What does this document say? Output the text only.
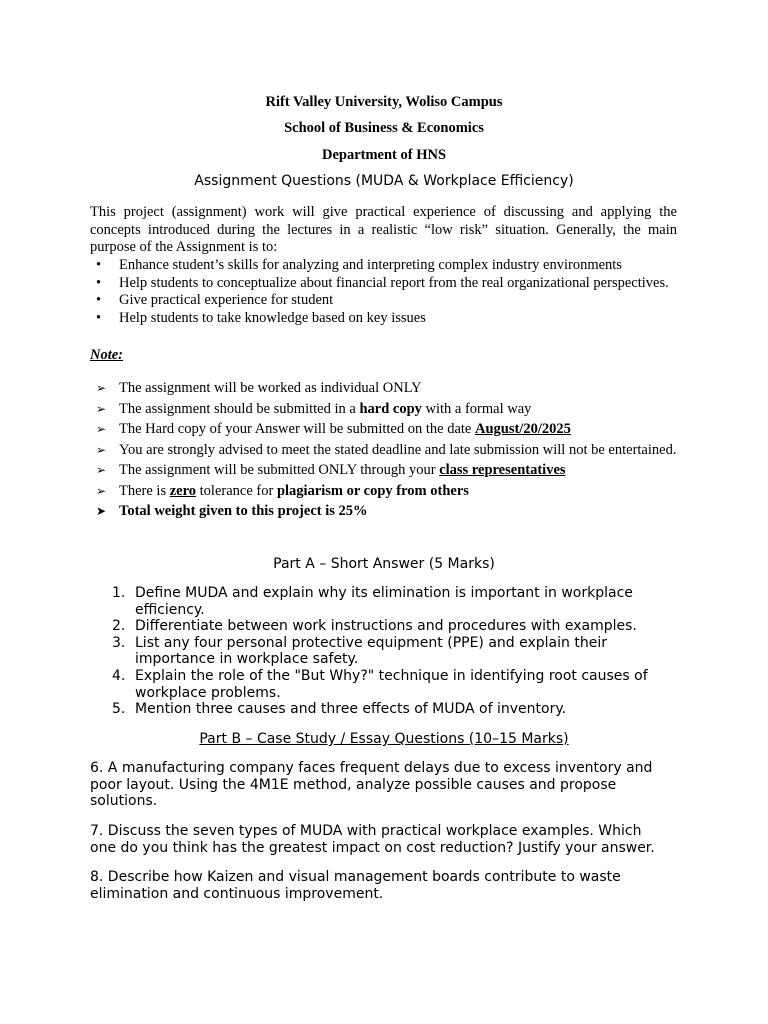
Rift Valley University, Woliso Campus
School of Business & Economics
Department of HNS
Assignment Questions (MUDA & Workplace Efficiency)
This project (assignment) work will give practical experience of discussing and applying the concepts introduced during the lectures in a realistic “low risk” situation. Generally, the main purpose of the Assignment is to:
• Enhance student’s skills for analyzing and interpreting complex industry environments
• Help students to conceptualize about financial report from the real organizational perspectives.
• Give practical experience for student
• Help students to take knowledge based on key issues
Note:
➢ The assignment will be worked as individual ONLY
➢ The assignment should be submitted in a hard copy with a formal way
➢ The Hard copy of your Answer will be submitted on the date August/20/2025
➢ You are strongly advised to meet the stated deadline and late submission will not be entertained.
➢ The assignment will be submitted ONLY through your class representatives
➢ There is zero tolerance for plagiarism or copy from others
➤ Total weight given to this project is 25%
Part A – Short Answer (5 Marks)
1. Define MUDA and explain why its elimination is important in workplace efficiency.
2. Differentiate between work instructions and procedures with examples.
3. List any four personal protective equipment (PPE) and explain their importance in workplace safety.
4. Explain the role of the "But Why?" technique in identifying root causes of workplace problems.
5. Mention three causes and three effects of MUDA of inventory.
Part B – Case Study / Essay Questions (10–15 Marks)
6. A manufacturing company faces frequent delays due to excess inventory and poor layout. Using the 4M1E method, analyze possible causes and propose solutions.
7. Discuss the seven types of MUDA with practical workplace examples. Which one do you think has the greatest impact on cost reduction? Justify your answer.
8. Describe how Kaizen and visual management boards contribute to waste elimination and continuous improvement.
